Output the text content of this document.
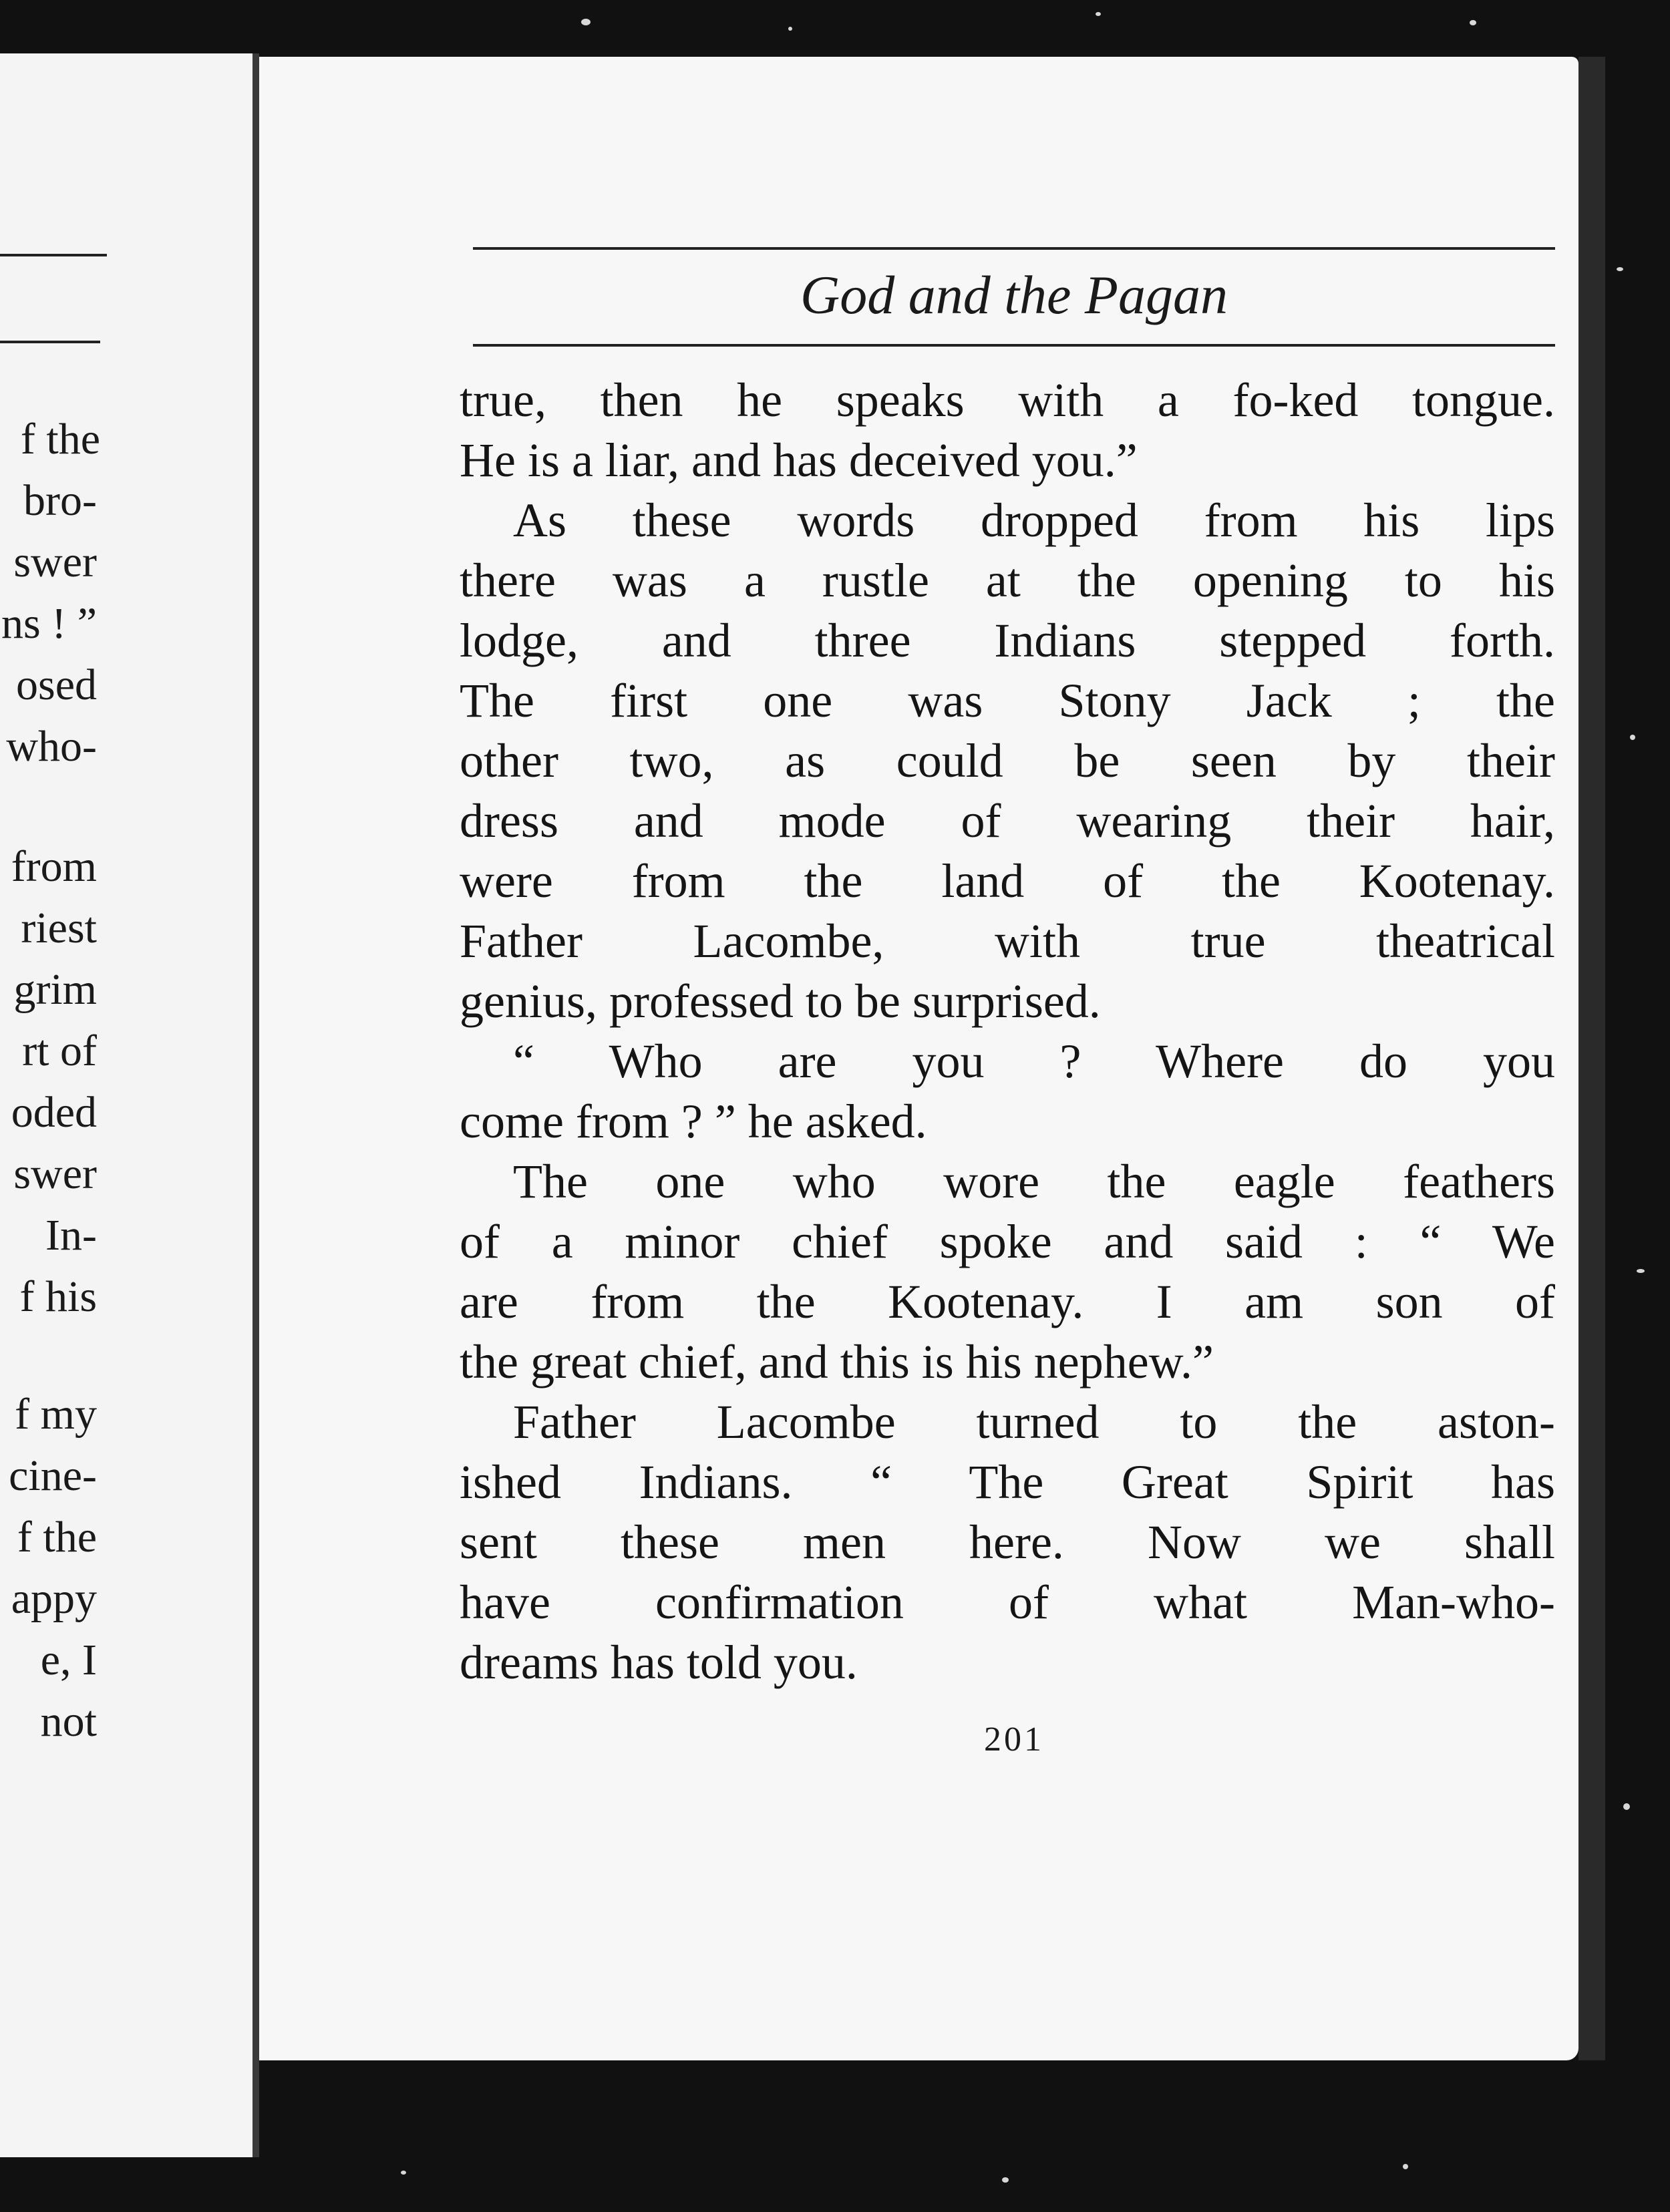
f the
bro-
swer
ns ! ”
osed
who-
from
riest
grim
rt of
oded
swer
In-
f his
f my
cine-
f the
appy
e, I
not
God and the Pagan
true, then he speaks with a fo-ked tongue.
He is a liar, and has deceived you.”
As these words dropped from his lips
there was a rustle at the opening to his
lodge, and three Indians stepped forth.
The first one was Stony Jack ; the
other two, as could be seen by their
dress and mode of wearing their hair,
were from the land of the Kootenay.
Father Lacombe, with true theatrical
genius, professed to be surprised.
“ Who are you ? Where do you
come from ? ” he asked.
The one who wore the eagle feathers
of a minor chief spoke and said : “ We
are from the Kootenay. I am son of
the great chief, and this is his nephew.”
Father Lacombe turned to the aston-
ished Indians. “ The Great Spirit has
sent these men here. Now we shall
have confirmation of what Man-who-
dreams has told you.
201
